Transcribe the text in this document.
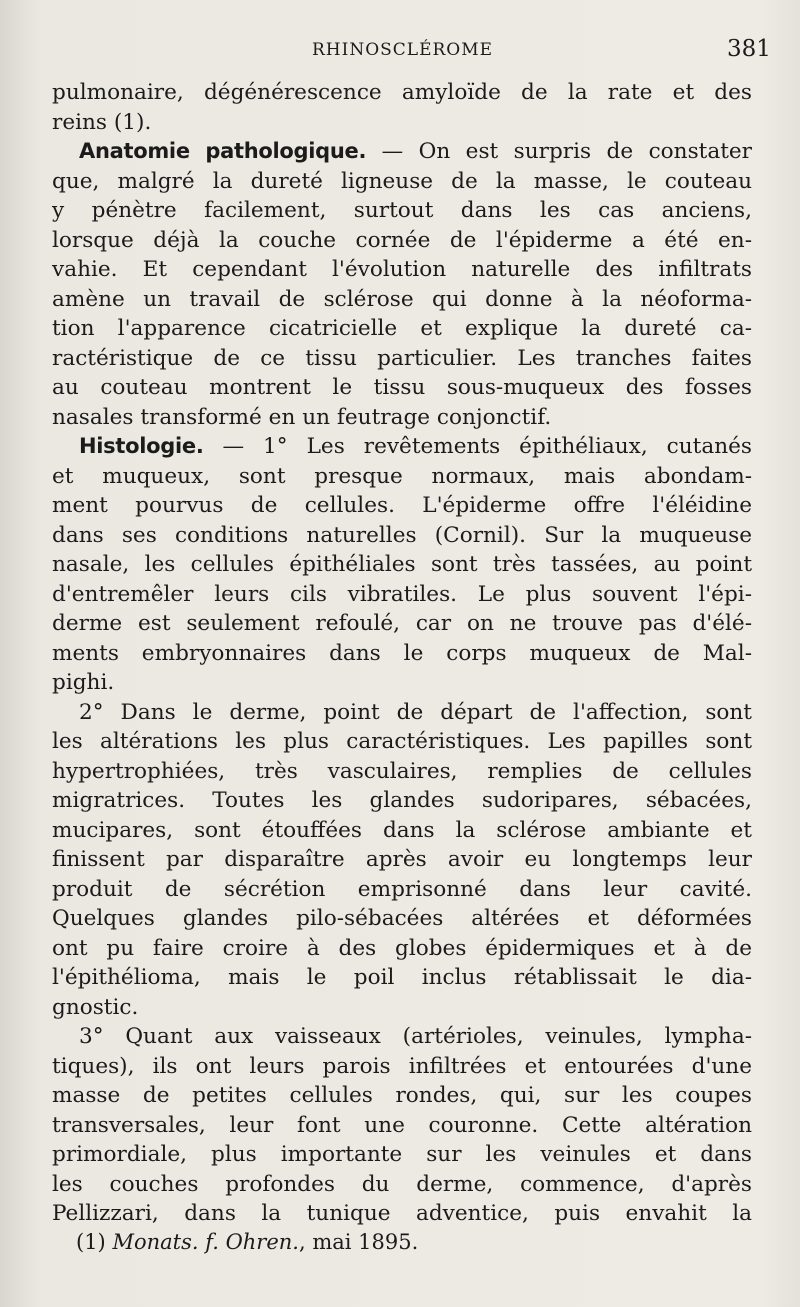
RHINOSCLÉROME	381
pulmonaire, dégénérescence amyloïde de la rate et des
reins (1).
Anatomie pathologique. — On est surpris de constater
que, malgré la dureté ligneuse de la masse, le couteau
y pénètre facilement, surtout dans les cas anciens,
lorsque déjà la couche cornée de l'épiderme a été en-
vahie. Et cependant l'évolution naturelle des infiltrats
amène un travail de sclérose qui donne à la néoforma-
tion l'apparence cicatricielle et explique la dureté ca-
ractéristique de ce tissu particulier. Les tranches faites
au couteau montrent le tissu sous-muqueux des fosses
nasales transformé en un feutrage conjonctif.
Histologie. — 1° Les revêtements épithéliaux, cutanés
et muqueux, sont presque normaux, mais abondam-
ment pourvus de cellules. L'épiderme offre l'éléidine
dans ses conditions naturelles (Cornil). Sur la muqueuse
nasale, les cellules épithéliales sont très tassées, au point
d'entremêler leurs cils vibratiles. Le plus souvent l'épi-
derme est seulement refoulé, car on ne trouve pas d'élé-
ments embryonnaires dans le corps muqueux de Mal-
pighi.
2° Dans le derme, point de départ de l'affection, sont
les altérations les plus caractéristiques. Les papilles sont
hypertrophiées, très vasculaires, remplies de cellules
migratrices. Toutes les glandes sudoripares, sébacées,
mucipares, sont étouffées dans la sclérose ambiante et
finissent par disparaître après avoir eu longtemps leur
produit de sécrétion emprisonné dans leur cavité.
Quelques glandes pilo-sébacées altérées et déformées
ont pu faire croire à des globes épidermiques et à de
l'épithélioma, mais le poil inclus rétablissait le dia-
gnostic.
3° Quant aux vaisseaux (artérioles, veinules, lympha-
tiques), ils ont leurs parois infiltrées et entourées d'une
masse de petites cellules rondes, qui, sur les coupes
transversales, leur font une couronne. Cette altération
primordiale, plus importante sur les veinules et dans
les couches profondes du derme, commence, d'après
Pellizzari, dans la tunique adventice, puis envahit la
(1) Monats. f. Ohren., mai 1895.
